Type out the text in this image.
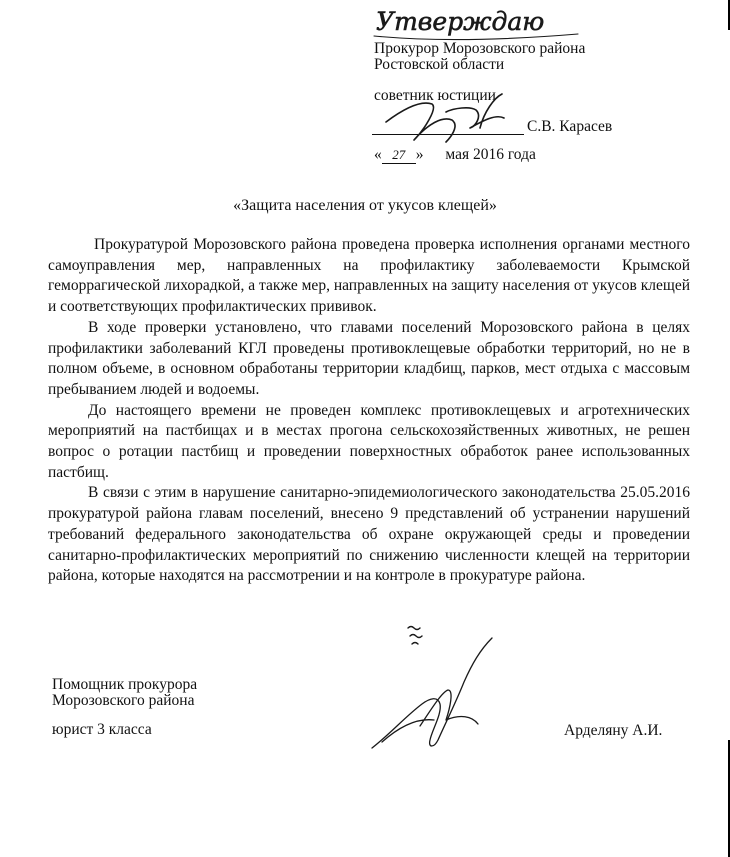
Утверждаю
Прокурор Морозовского района
Ростовской области
советник юстиции
С.В. Карасев
« 27 » мая 2016 года
«Защита населения от укусов клещей»

Прокуратурой Морозовского района проведена проверка исполнения органами местного самоуправления мер, направленных на профилактику заболеваемости Крымской геморрагической лихорадкой, а также мер, направленных на защиту населения от укусов клещей и соответствующих профилактических прививок.

В ходе проверки установлено, что главами поселений Морозовского района в целях профилактики заболеваний КГЛ проведены противоклещевые обработки территорий, но не в полном объеме, в основном обработаны территории кладбищ, парков, мест отдыха с массовым пребыванием людей и водоемы.

До настоящего времени не проведен комплекс противоклещевых и агротехнических мероприятий на пастбищах и в местах прогона сельскохозяйственных животных, не решен вопрос о ротации пастбищ и проведении поверхностных обработок ранее использованных пастбищ.

В связи с этим в нарушение санитарно-эпидемиологического законодательства 25.05.2016 прокуратурой района главам поселений, внесено 9 представлений об устранении нарушений требований федерального законодательства об охране окружающей среды и проведении санитарно-профилактических мероприятий по снижению численности клещей на территории района, которые находятся на рассмотрении и на контроле в прокуратуре района.

Помощник прокурора
Морозовского района
юрист 3 класса	Арделяну А.И.
